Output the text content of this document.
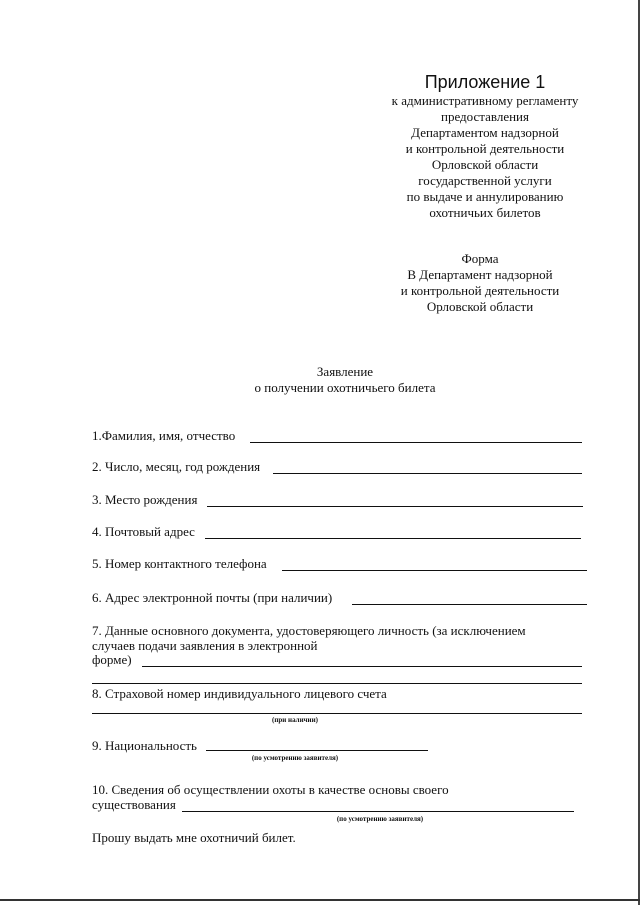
Приложение 1
к административному регламенту
предоставления
Департаментом надзорной
и контрольной деятельности
Орловской области
государственной услуги
по выдаче и аннулированию
охотничьих билетов
Форма
В Департамент надзорной
и контрольной деятельности
Орловской области
Заявление
о получении охотничьего билета
1.Фамилия, имя, отчество
2. Число, месяц, год рождения
3. Место рождения
4. Почтовый адрес
5. Номер контактного телефона
6. Адрес электронной почты (при наличии)
7. Данные основного документа, удостоверяющего личность (за исключением
случаев подачи заявления в электронной
форме)
8. Страховой номер индивидуального лицевого счета
(при наличии)
9. Национальность
(по усмотрению заявителя)
10. Сведения об осуществлении охоты в качестве основы своего
существования
(по усмотрению заявителя)
Прошу выдать мне охотничий билет.
